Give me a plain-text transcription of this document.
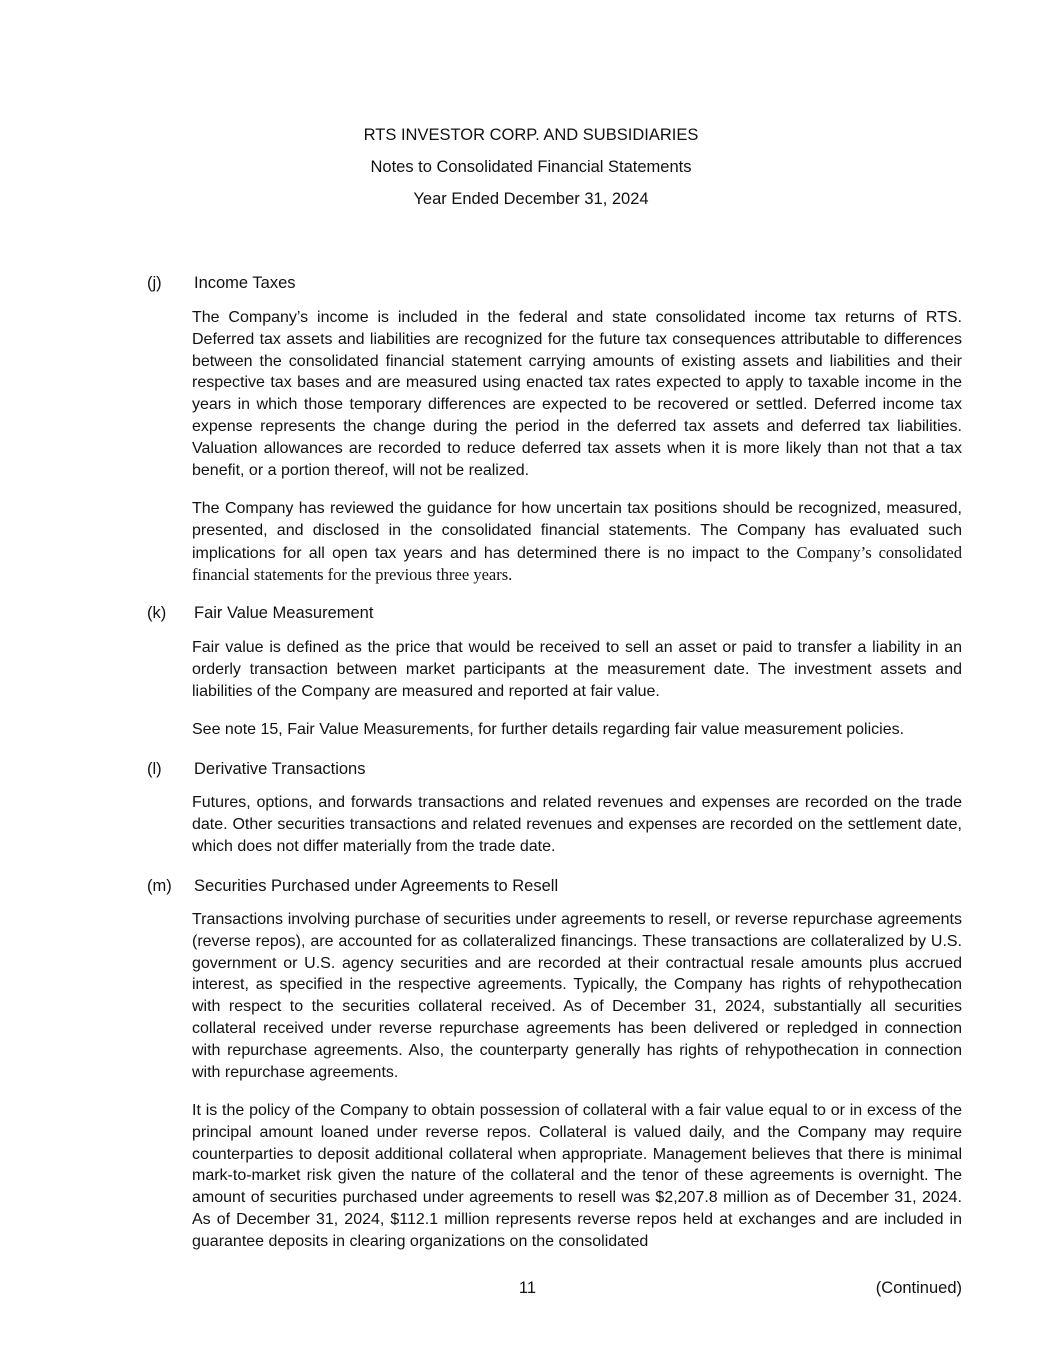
RTS INVESTOR CORP. AND SUBSIDIARIES
Notes to Consolidated Financial Statements
Year Ended December 31, 2024
(j) Income Taxes

The Company’s income is included in the federal and state consolidated income tax returns of RTS. Deferred tax assets and liabilities are recognized for the future tax consequences attributable to differences between the consolidated financial statement carrying amounts of existing assets and liabilities and their respective tax bases and are measured using enacted tax rates expected to apply to taxable income in the years in which those temporary differences are expected to be recovered or settled. Deferred income tax expense represents the change during the period in the deferred tax assets and deferred tax liabilities. Valuation allowances are recorded to reduce deferred tax assets when it is more likely than not that a tax benefit, or a portion thereof, will not be realized.

The Company has reviewed the guidance for how uncertain tax positions should be recognized, measured, presented, and disclosed in the consolidated financial statements. The Company has evaluated such implications for all open tax years and has determined there is no impact to the Company’s consolidated financial statements for the previous three years.

(k) Fair Value Measurement

Fair value is defined as the price that would be received to sell an asset or paid to transfer a liability in an orderly transaction between market participants at the measurement date. The investment assets and liabilities of the Company are measured and reported at fair value.

See note 15, Fair Value Measurements, for further details regarding fair value measurement policies.

(l) Derivative Transactions

Futures, options, and forwards transactions and related revenues and expenses are recorded on the trade date. Other securities transactions and related revenues and expenses are recorded on the settlement date, which does not differ materially from the trade date.

(m) Securities Purchased under Agreements to Resell

Transactions involving purchase of securities under agreements to resell, or reverse repurchase agreements (reverse repos), are accounted for as collateralized financings. These transactions are collateralized by U.S. government or U.S. agency securities and are recorded at their contractual resale amounts plus accrued interest, as specified in the respective agreements. Typically, the Company has rights of rehypothecation with respect to the securities collateral received. As of December 31, 2024, substantially all securities collateral received under reverse repurchase agreements has been delivered or repledged in connection with repurchase agreements. Also, the counterparty generally has rights of rehypothecation in connection with repurchase agreements.

It is the policy of the Company to obtain possession of collateral with a fair value equal to or in excess of the principal amount loaned under reverse repos. Collateral is valued daily, and the Company may require counterparties to deposit additional collateral when appropriate. Management believes that there is minimal mark-to-market risk given the nature of the collateral and the tenor of these agreements is overnight. The amount of securities purchased under agreements to resell was $2,207.8 million as of December 31, 2024. As of December 31, 2024, $112.1 million represents reverse repos held at exchanges and are included in guarantee deposits in clearing organizations on the consolidated

11	(Continued)
